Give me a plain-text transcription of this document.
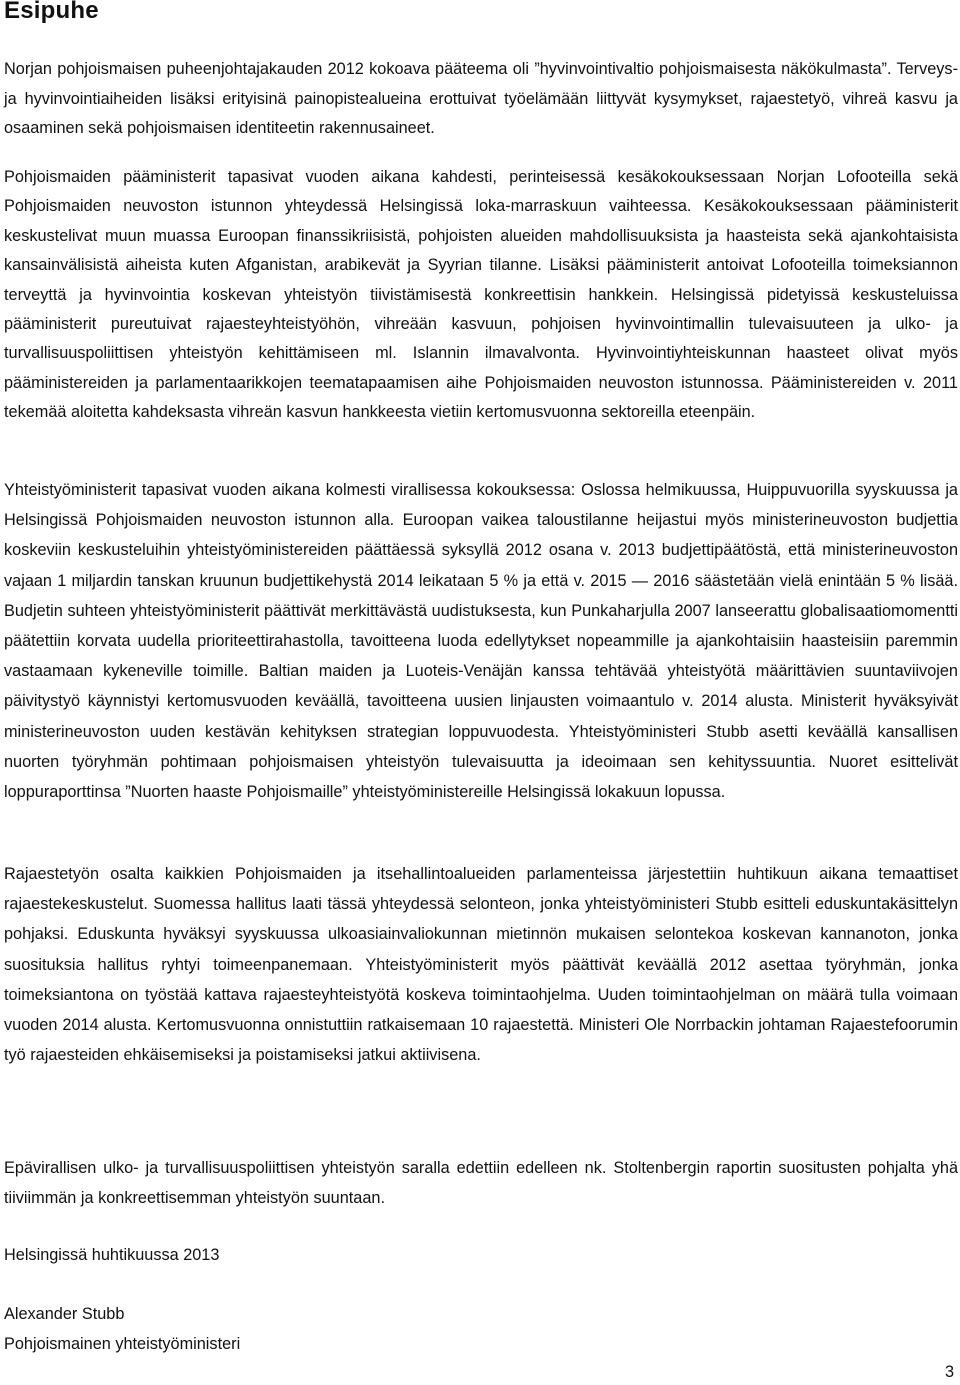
Esipuhe

Norjan pohjoismaisen puheenjohtajakauden 2012 kokoava pääteema oli ”hyvinvointivaltio pohjoismaisesta näkökulmasta”. Terveys- ja hyvinvointiaiheiden lisäksi erityisinä painopistealueina erottuivat työelämään liittyvät kysymykset, rajaestetyö, vihreä kasvu ja osaaminen sekä pohjoismaisen identiteetin rakennusaineet.

Pohjoismaiden pääministerit tapasivat vuoden aikana kahdesti, perinteisessä kesäkokouksessaan Norjan Lofooteilla sekä Pohjoismaiden neuvoston istunnon yhteydessä Helsingissä loka-marraskuun vaihteessa. Kesäkokouksessaan pääministerit keskustelivat muun muassa Euroopan finanssikriisistä, pohjoisten alueiden mahdollisuuksista ja haasteista sekä ajankohtaisista kansainvälisistä aiheista kuten Afganistan, arabikevät ja Syyrian tilanne. Lisäksi pääministerit antoivat Lofooteilla toimeksiannon terveyttä ja hyvinvointia koskevan yhteistyön tiivistämisestä konkreettisin hankkein. Helsingissä pidetyissä keskusteluissa pääministerit pureutuivat rajaesteyhteistyöhön, vihreään kasvuun, pohjoisen hyvinvointimallin tulevaisuuteen ja ulko- ja turvallisuuspoliittisen yhteistyön kehittämiseen ml. Islannin ilmavalvonta. Hyvinvointiyhteiskunnan haasteet olivat myös pääministereiden ja parlamentaarikkojen teematapaamisen aihe Pohjoismaiden neuvoston istunnossa. Pääministereiden v. 2011 tekemää aloitetta kahdeksasta vihreän kasvun hankkeesta vietiin kertomusvuonna sektoreilla eteenpäin.

Yhteistyöministerit tapasivat vuoden aikana kolmesti virallisessa kokouksessa: Oslossa helmikuussa, Huippuvuorilla syyskuussa ja Helsingissä Pohjoismaiden neuvoston istunnon alla. Euroopan vaikea taloustilanne heijastui myös ministerineuvoston budjettia koskeviin keskusteluihin yhteistyöministereiden päättäessä syksyllä 2012 osana v. 2013 budjettipäätöstä, että ministerineuvoston vajaan 1 miljardin tanskan kruunun budjettikehystä 2014 leikataan 5 % ja että v. 2015 — 2016 säästetään vielä enintään 5 % lisää. Budjetin suhteen yhteistyöministerit päättivät merkittävästä uudistuksesta, kun Punkaharjulla 2007 lanseerattu globalisaatiomomentti päätettiin korvata uudella prioriteettirahastolla, tavoitteena luoda edellytykset nopeammille ja ajankohtaisiin haasteisiin paremmin vastaamaan kykeneville toimille. Baltian maiden ja Luoteis-Venäjän kanssa tehtävää yhteistyötä määrittävien suuntaviivojen päivitystyö käynnistyi kertomusvuoden keväällä, tavoitteena uusien linjausten voimaantulo v. 2014 alusta. Ministerit hyväksyivät ministerineuvoston uuden kestävän kehityksen strategian loppuvuodesta. Yhteistyöministeri Stubb asetti keväällä kansallisen nuorten työryhmän pohtimaan pohjoismaisen yhteistyön tulevaisuutta ja ideoimaan sen kehityssuuntia. Nuoret esittelivät loppuraporttinsa ”Nuorten haaste Pohjoismaille” yhteistyöministereille Helsingissä lokakuun lopussa.

Rajaestetyön osalta kaikkien Pohjoismaiden ja itsehallintoalueiden parlamenteissa järjestettiin huhtikuun aikana temaattiset rajaestekeskustelut. Suomessa hallitus laati tässä yhteydessä selonteon, jonka yhteistyöministeri Stubb esitteli eduskuntakäsittelyn pohjaksi. Eduskunta hyväksyi syyskuussa ulkoasiainvaliokunnan mietinnön mukaisen selontekoa koskevan kannanoton, jonka suosituksia hallitus ryhtyi toimeenpanemaan. Yhteistyöministerit myös päättivät keväällä 2012 asettaa työryhmän, jonka toimeksiantona on työstää kattava rajaesteyhteistyötä koskeva toimintaohjelma. Uuden toimintaohjelman on määrä tulla voimaan vuoden 2014 alusta. Kertomusvuonna onnistuttiin ratkaisemaan 10 rajaestettä. Ministeri Ole Norrbackin johtaman Rajaestefoorumin työ rajaesteiden ehkäisemiseksi ja poistamiseksi jatkui aktiivisena.

Epävirallisen ulko- ja turvallisuuspoliittisen yhteistyön saralla edettiin edelleen nk. Stoltenbergin raportin suositusten pohjalta yhä tiiviimmän ja konkreettisemman yhteistyön suuntaan.

Helsingissä huhtikuussa 2013

Alexander Stubb

Pohjoismainen yhteistyöministeri

3
